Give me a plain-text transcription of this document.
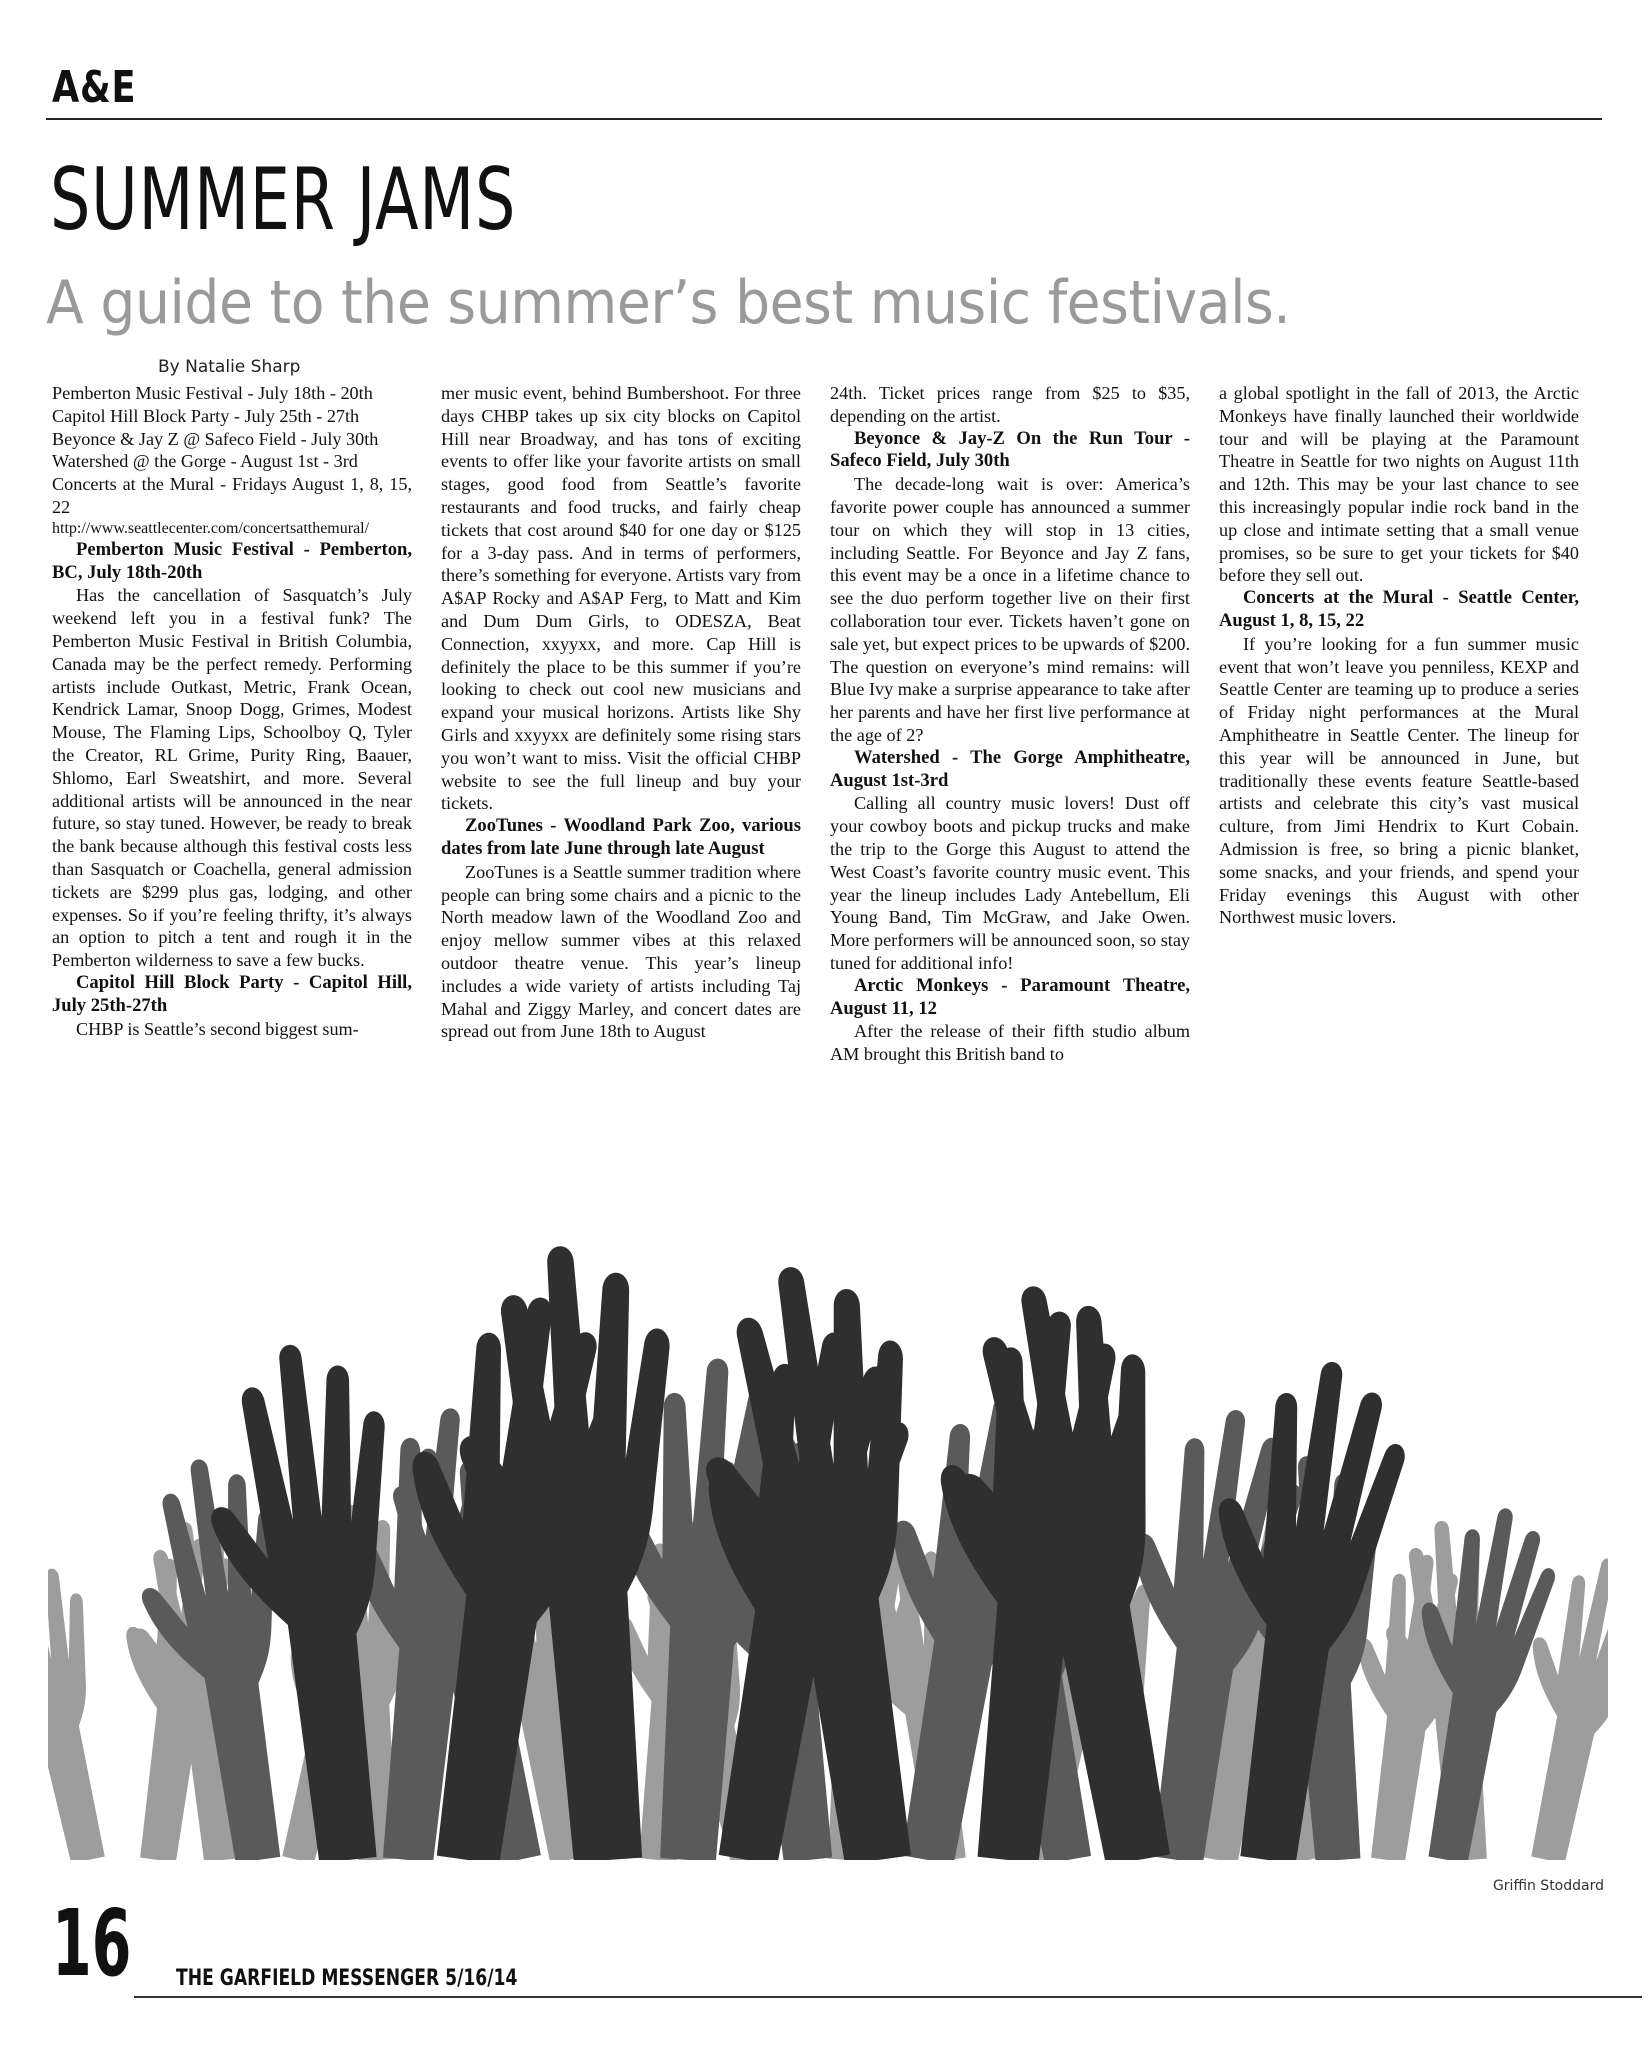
A&E
SUMMER JAMS
A guide to the summer’s best music festivals.
By Natalie Sharp

Pemberton Music Festival - July 18th - 20th
Capitol Hill Block Party - July 25th - 27th
Beyonce & Jay Z @ Safeco Field - July 30th
Watershed @ the Gorge - August 1st - 3rd
Concerts at the Mural - Fridays August 1, 8, 15, 22
http://www.seattlecenter.com/concertsatthemural/

Pemberton Music Festival - Pemberton, BC, July 18th-20th

Has the cancellation of Sasquatch’s July weekend left you in a festival funk? The Pemberton Music Festival in British Columbia, Canada may be the perfect remedy. Performing artists include Outkast, Metric, Frank Ocean, Kendrick Lamar, Snoop Dogg, Grimes, Modest Mouse, The Flaming Lips, Schoolboy Q, Tyler the Creator, RL Grime, Purity Ring, Baauer, Shlomo, Earl Sweatshirt, and more. Several additional artists will be announced in the near future, so stay tuned. However, be ready to break the bank because although this festival costs less than Sasquatch or Coachella, general admission tickets are $299 plus gas, lodging, and other expenses. So if you’re feeling thrifty, it’s always an option to pitch a tent and rough it in the Pemberton wilderness to save a few bucks.

Capitol Hill Block Party - Capitol Hill, July 25th-27th

CHBP is Seattle’s second biggest sum-

mer music event, behind Bumbershoot. For three days CHBP takes up six city blocks on Capitol Hill near Broadway, and has tons of exciting events to offer like your favorite artists on small stages, good food from Seattle’s favorite restaurants and food trucks, and fairly cheap tickets that cost around $40 for one day or $125 for a 3-day pass. And in terms of performers, there’s something for everyone. Artists vary from A$AP Rocky and A$AP Ferg, to Matt and Kim and Dum Dum Girls, to ODESZA, Beat Connection, xxyyxx, and more. Cap Hill is definitely the place to be this summer if you’re looking to check out cool new musicians and expand your musical horizons. Artists like Shy Girls and xxyyxx are definitely some rising stars you won’t want to miss. Visit the official CHBP website to see the full lineup and buy your tickets.

ZooTunes - Woodland Park Zoo, various dates from late June through late August

ZooTunes is a Seattle summer tradition where people can bring some chairs and a picnic to the North meadow lawn of the Woodland Zoo and enjoy mellow summer vibes at this relaxed outdoor theatre venue. This year’s lineup includes a wide variety of artists including Taj Mahal and Ziggy Marley, and concert dates are spread out from June 18th to August

24th. Ticket prices range from $25 to $35, depending on the artist.

Beyonce & Jay-Z On the Run Tour - Safeco Field, July 30th

The decade-long wait is over: America’s favorite power couple has announced a summer tour on which they will stop in 13 cities, including Seattle. For Beyonce and Jay Z fans, this event may be a once in a lifetime chance to see the duo perform together live on their first collaboration tour ever. Tickets haven’t gone on sale yet, but expect prices to be upwards of $200. The question on everyone’s mind remains: will Blue Ivy make a surprise appearance to take after her parents and have her first live performance at the age of 2?

Watershed - The Gorge Amphitheatre, August 1st-3rd

Calling all country music lovers! Dust off your cowboy boots and pickup trucks and make the trip to the Gorge this August to attend the West Coast’s favorite country music event. This year the lineup includes Lady Antebellum, Eli Young Band, Tim McGraw, and Jake Owen. More performers will be announced soon, so stay tuned for additional info!

Arctic Monkeys - Paramount Theatre, August 11, 12

After the release of their fifth studio album AM brought this British band to

a global spotlight in the fall of 2013, the Arctic Monkeys have finally launched their worldwide tour and will be playing at the Paramount Theatre in Seattle for two nights on August 11th and 12th. This may be your last chance to see this increasingly popular indie rock band in the up close and intimate setting that a small venue promises, so be sure to get your tickets for $40 before they sell out.

Concerts at the Mural - Seattle Center, August 1, 8, 15, 22

If you’re looking for a fun summer music event that won’t leave you penniless, KEXP and Seattle Center are teaming up to produce a series of Friday night performances at the Mural Amphitheatre in Seattle Center. The lineup for this year will be announced in June, but traditionally these events feature Seattle-based artists and celebrate this city’s vast musical culture, from Jimi Hendrix to Kurt Cobain. Admission is free, so bring a picnic blanket, some snacks, and your friends, and spend your Friday evenings this August with other Northwest music lovers.

Griffin Stoddard
16 THE GARFIELD MESSENGER 5/16/14
